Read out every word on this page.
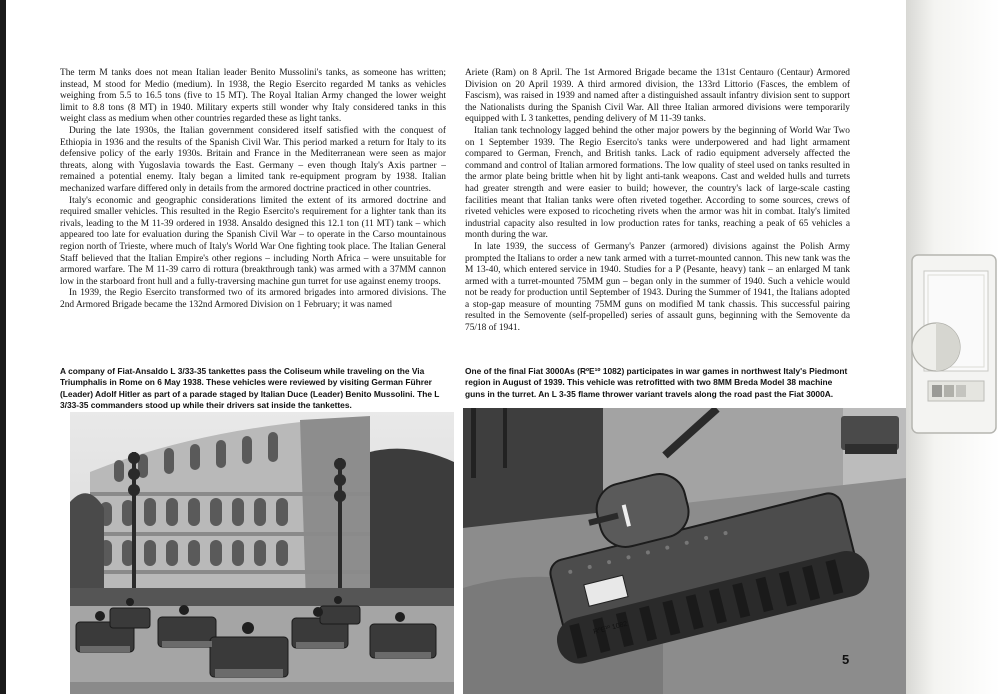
The term M tanks does not mean Italian leader Benito Mussolini's tanks, as someone has written; instead, M stood for Medio (medium). In 1938, the Regio Esercito regarded M tanks as vehicles weighing from 5.5 to 16.5 tons (five to 15 MT). The Royal Italian Army changed the lower weight limit to 8.8 tons (8 MT) in 1940. Military experts still wonder why Italy considered tanks in this weight class as medium when other countries regarded these as light tanks.

During the late 1930s, the Italian government considered itself satisfied with the conquest of Ethiopia in 1936 and the results of the Spanish Civil War. This period marked a return for Italy to its defensive policy of the early 1930s. Britain and France in the Mediterranean were seen as major threats, along with Yugoslavia towards the East. Germany – even though Italy's Axis partner – remained a potential enemy. Italy began a limited tank re-equipment program by 1938. Italian mechanized warfare differed only in details from the armored doctrine practiced in other countries.

Italy's economic and geographic considerations limited the extent of its armored doctrine and required smaller vehicles. This resulted in the Regio Esercito's requirement for a lighter tank than its rivals, leading to the M 11-39 ordered in 1938. Ansaldo designed this 12.1 ton (11 MT) tank – which appeared too late for evaluation during the Spanish Civil War – to operate in the Carso mountainous region north of Trieste, where much of Italy's World War One fighting took place. The Italian General Staff believed that the Italian Empire's other regions – including North Africa – were unsuitable for armored warfare. The M 11-39 carro di rottura (breakthrough tank) was armed with a 37MM cannon low in the starboard front hull and a fully-traversing machine gun turret for use against enemy troops.

In 1939, the Regio Esercito transformed two of its armored brigades into armored divisions. The 2nd Armored Brigade became the 132nd Armored Division on 1 February; it was named

Ariete (Ram) on 8 April. The 1st Armored Brigade became the 131st Centauro (Centaur) Armored Division on 20 April 1939. A third armored division, the 133rd Littorio (Fasces, the emblem of Fascism), was raised in 1939 and named after a distinguished assault infantry division sent to support the Nationalists during the Spanish Civil War. All three Italian armored divisions were temporarily equipped with L 3 tankettes, pending delivery of M 11-39 tanks.

Italian tank technology lagged behind the other major powers by the beginning of World War Two on 1 September 1939. The Regio Esercito's tanks were underpowered and had light armament compared to German, French, and British tanks. Lack of radio equipment adversely affected the command and control of Italian armored formations. The low quality of steel used on tanks resulted in the armor plate being brittle when hit by light anti-tank weapons. Cast and welded hulls and turrets had greater strength and were easier to build; however, the country's lack of large-scale casting facilities meant that Italian tanks were often riveted together. According to some sources, crews of riveted vehicles were exposed to ricocheting rivets when the armor was hit in combat. Italy's limited industrial capacity also resulted in low production rates for tanks, reaching a peak of 65 vehicles a month during the war.

In late 1939, the success of Germany's Panzer (armored) divisions against the Polish Army prompted the Italians to order a new tank armed with a turret-mounted cannon. This new tank was the M 13-40, which entered service in 1940. Studies for a P (Pesante, heavy) tank – an enlarged M tank armed with a turret-mounted 75MM gun – began only in the summer of 1940. Such a vehicle would not be ready for production until September of 1943. During the Summer of 1941, the Italians adopted a stop-gap measure of mounting 75MM guns on modified M tank chassis. This successful pairing resulted in the Semovente (self-propelled) series of assault guns, beginning with the Semovente da 75/18 of 1941.

A company of Fiat-Ansaldo L 3/33-35 tankettes pass the Coliseum while traveling on the Via Triumphalis in Rome on 6 May 1938. These vehicles were reviewed by visiting German Führer (Leader) Adolf Hitler as part of a parade staged by Italian Duce (Leader) Benito Mussolini. The L 3/33-35 commanders stood up while their drivers sat inside the tankettes.
One of the final Fiat 3000As (RºE¹º 1082) participates in war games in northwest Italy's Piedmont region in August of 1939. This vehicle was retrofitted with two 8MM Breda Model 38 machine guns in the turret. An L 3-35 flame thrower variant travels along the road past the Fiat 3000A.
RºE¹º 1082
5
